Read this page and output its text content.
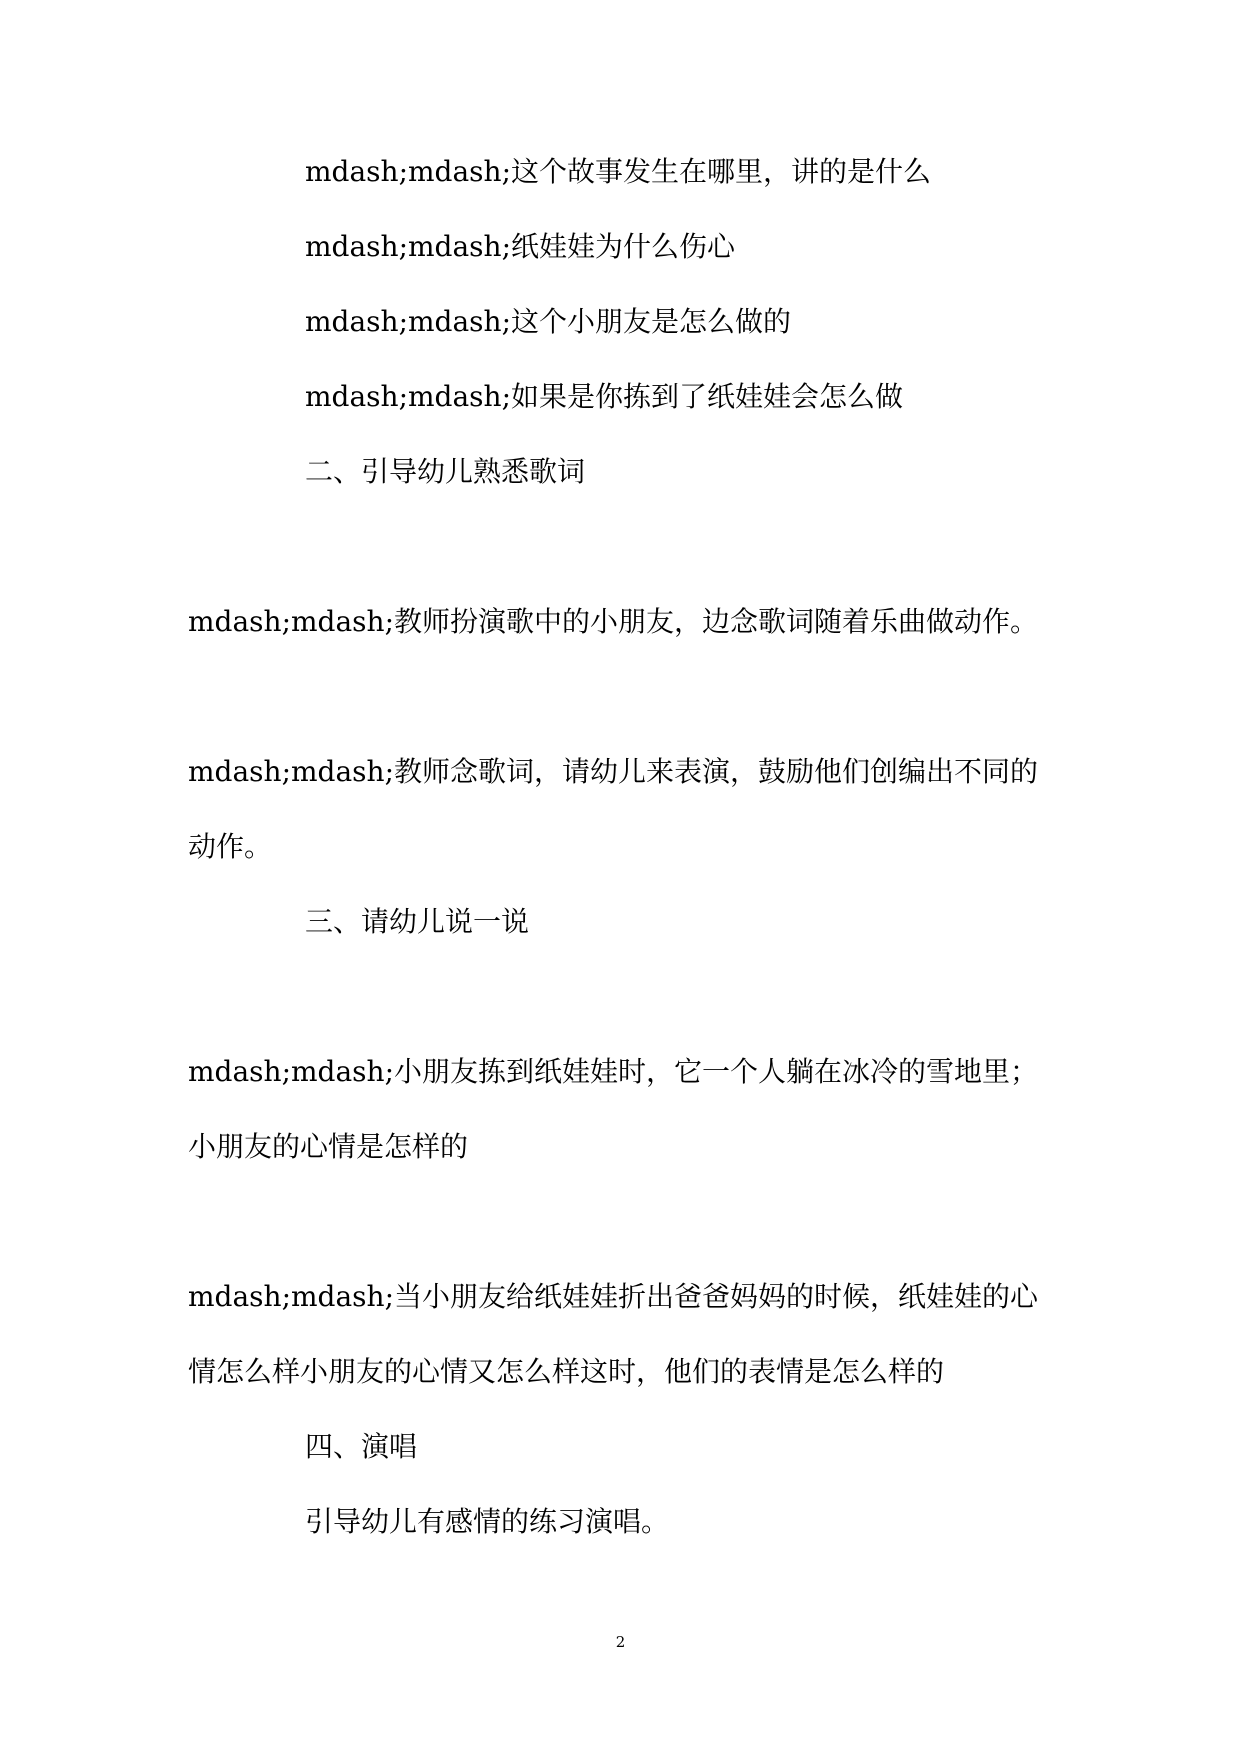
mdash;mdash;这个故事发生在哪里，讲的是什么
mdash;mdash;纸娃娃为什么伤心
mdash;mdash;这个小朋友是怎么做的
mdash;mdash;如果是你拣到了纸娃娃会怎么做
二、引导幼儿熟悉歌词
mdash;mdash;教师扮演歌中的小朋友，边念歌词随着乐曲做动作。
mdash;mdash;教师念歌词，请幼儿来表演，鼓励他们创编出不同的
动作。
三、请幼儿说一说
mdash;mdash;小朋友拣到纸娃娃时，它一个人躺在冰冷的雪地里；
小朋友的心情是怎样的
mdash;mdash;当小朋友给纸娃娃折出爸爸妈妈的时候，纸娃娃的心
情怎么样小朋友的心情又怎么样这时，他们的表情是怎么样的
四、演唱
引导幼儿有感情的练习演唱。
2
